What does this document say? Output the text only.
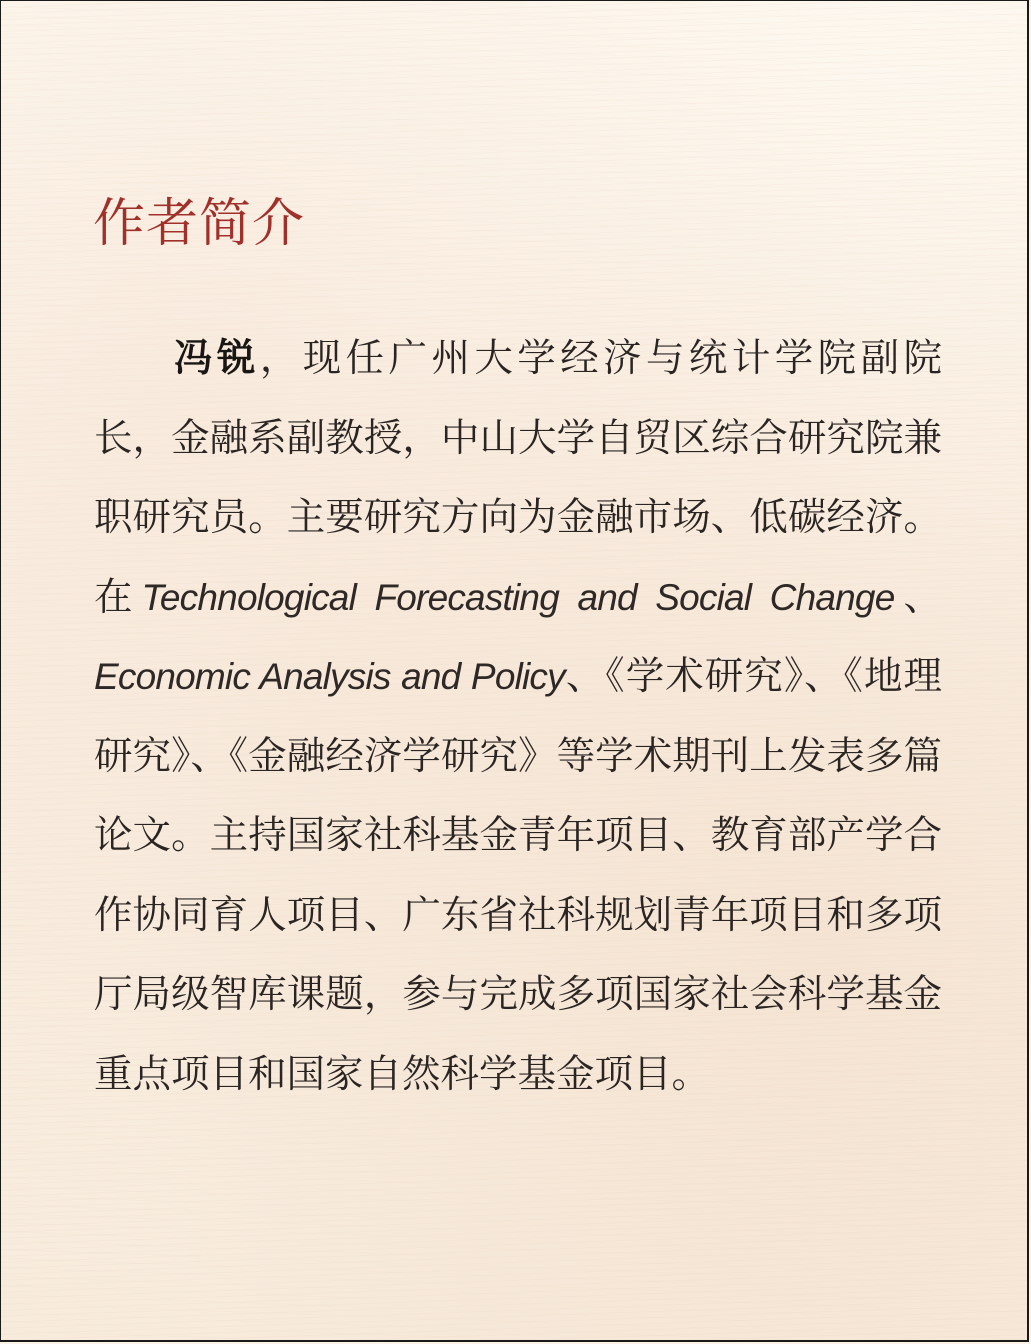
作者简介

冯锐，现任广州大学经济与统计学院副院长，金融系副教授，中山大学自贸区综合研究院兼职研究员。主要研究方向为金融市场、低碳经济。在Technological Forecasting and Social Change、Economic Analysis and Policy、《学术研究》、《地理研究》、《金融经济学研究》等学术期刊上发表多篇论文。主持国家社科基金青年项目、教育部产学合作协同育人项目、广东省社科规划青年项目和多项厅局级智库课题，参与完成多项国家社会科学基金重点项目和国家自然科学基金项目。
